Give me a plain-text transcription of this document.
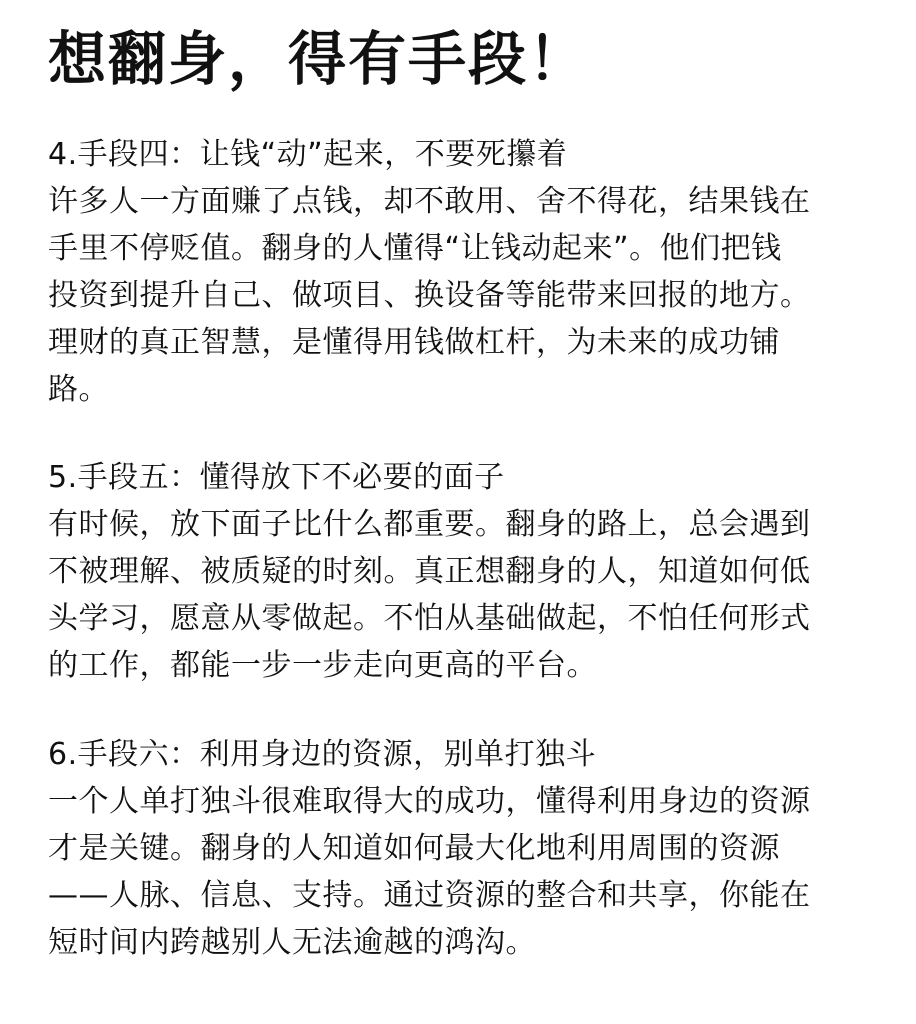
想翻身，得有手段！

4.手段四：让钱“动”起来，不要死攥着

许多人一方面赚了点钱，却不敢用、舍不得花，结果钱在

手里不停贬值。翻身的人懂得“让钱动起来”。他们把钱

投资到提升自己、做项目、换设备等能带来回报的地方。

理财的真正智慧，是懂得用钱做杠杆，为未来的成功铺

路。

5.手段五：懂得放下不必要的面子

有时候，放下面子比什么都重要。翻身的路上，总会遇到

不被理解、被质疑的时刻。真正想翻身的人，知道如何低

头学习，愿意从零做起。不怕从基础做起，不怕任何形式

的工作，都能一步一步走向更高的平台。

6.手段六：利用身边的资源，别单打独斗

一个人单打独斗很难取得大的成功，懂得利用身边的资源

才是关键。翻身的人知道如何最大化地利用周围的资源

——人脉、信息、支持。通过资源的整合和共享，你能在

短时间内跨越别人无法逾越的鸿沟。
